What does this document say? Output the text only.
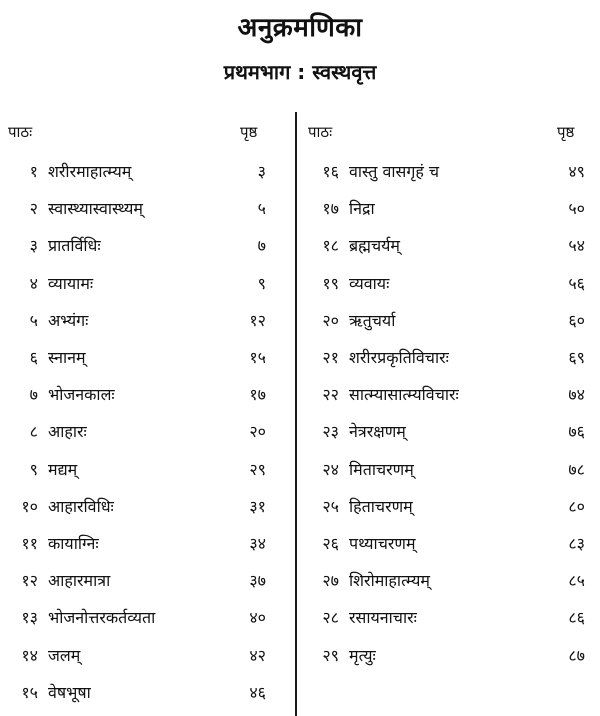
अनुक्रमणिका
प्रथमभाग : स्वस्थवृत्त
पाठः	पृष्ठ
१ शरीरमाहात्म्यम्	३
२ स्वास्थ्यास्वास्थ्यम्	५
३ प्रातर्विधिः	७
४ व्यायामः	९
५ अभ्यंगः	१२
६ स्नानम्	१५
७ भोजनकालः	१७
८ आहारः	२०
९ मद्यम्	२९
१० आहारविधिः	३१
११ कायाग्निः	३४
१२ आहारमात्रा	३७
१३ भोजनोत्तरकर्तव्यता	४०
१४ जलम्	४२
१५ वेषभूषा	४६
पाठः	पृष्ठ
१६ वास्तु वासगृहं च	४९
१७ निद्रा	५०
१८ ब्रह्मचर्यम्	५४
१९ व्यवायः	५६
२० ऋतुचर्या	६०
२१ शरीरप्रकृतिविचारः	६९
२२ सात्म्यासात्म्यविचारः	७४
२३ नेत्ररक्षणम्	७६
२४ मिताचरणम्	७८
२५ हिताचरणम्	८०
२६ पथ्याचरणम्	८३
२७ शिरोमाहात्म्यम्	८५
२८ रसायनाचारः	८६
२९ मृत्युः	८७
